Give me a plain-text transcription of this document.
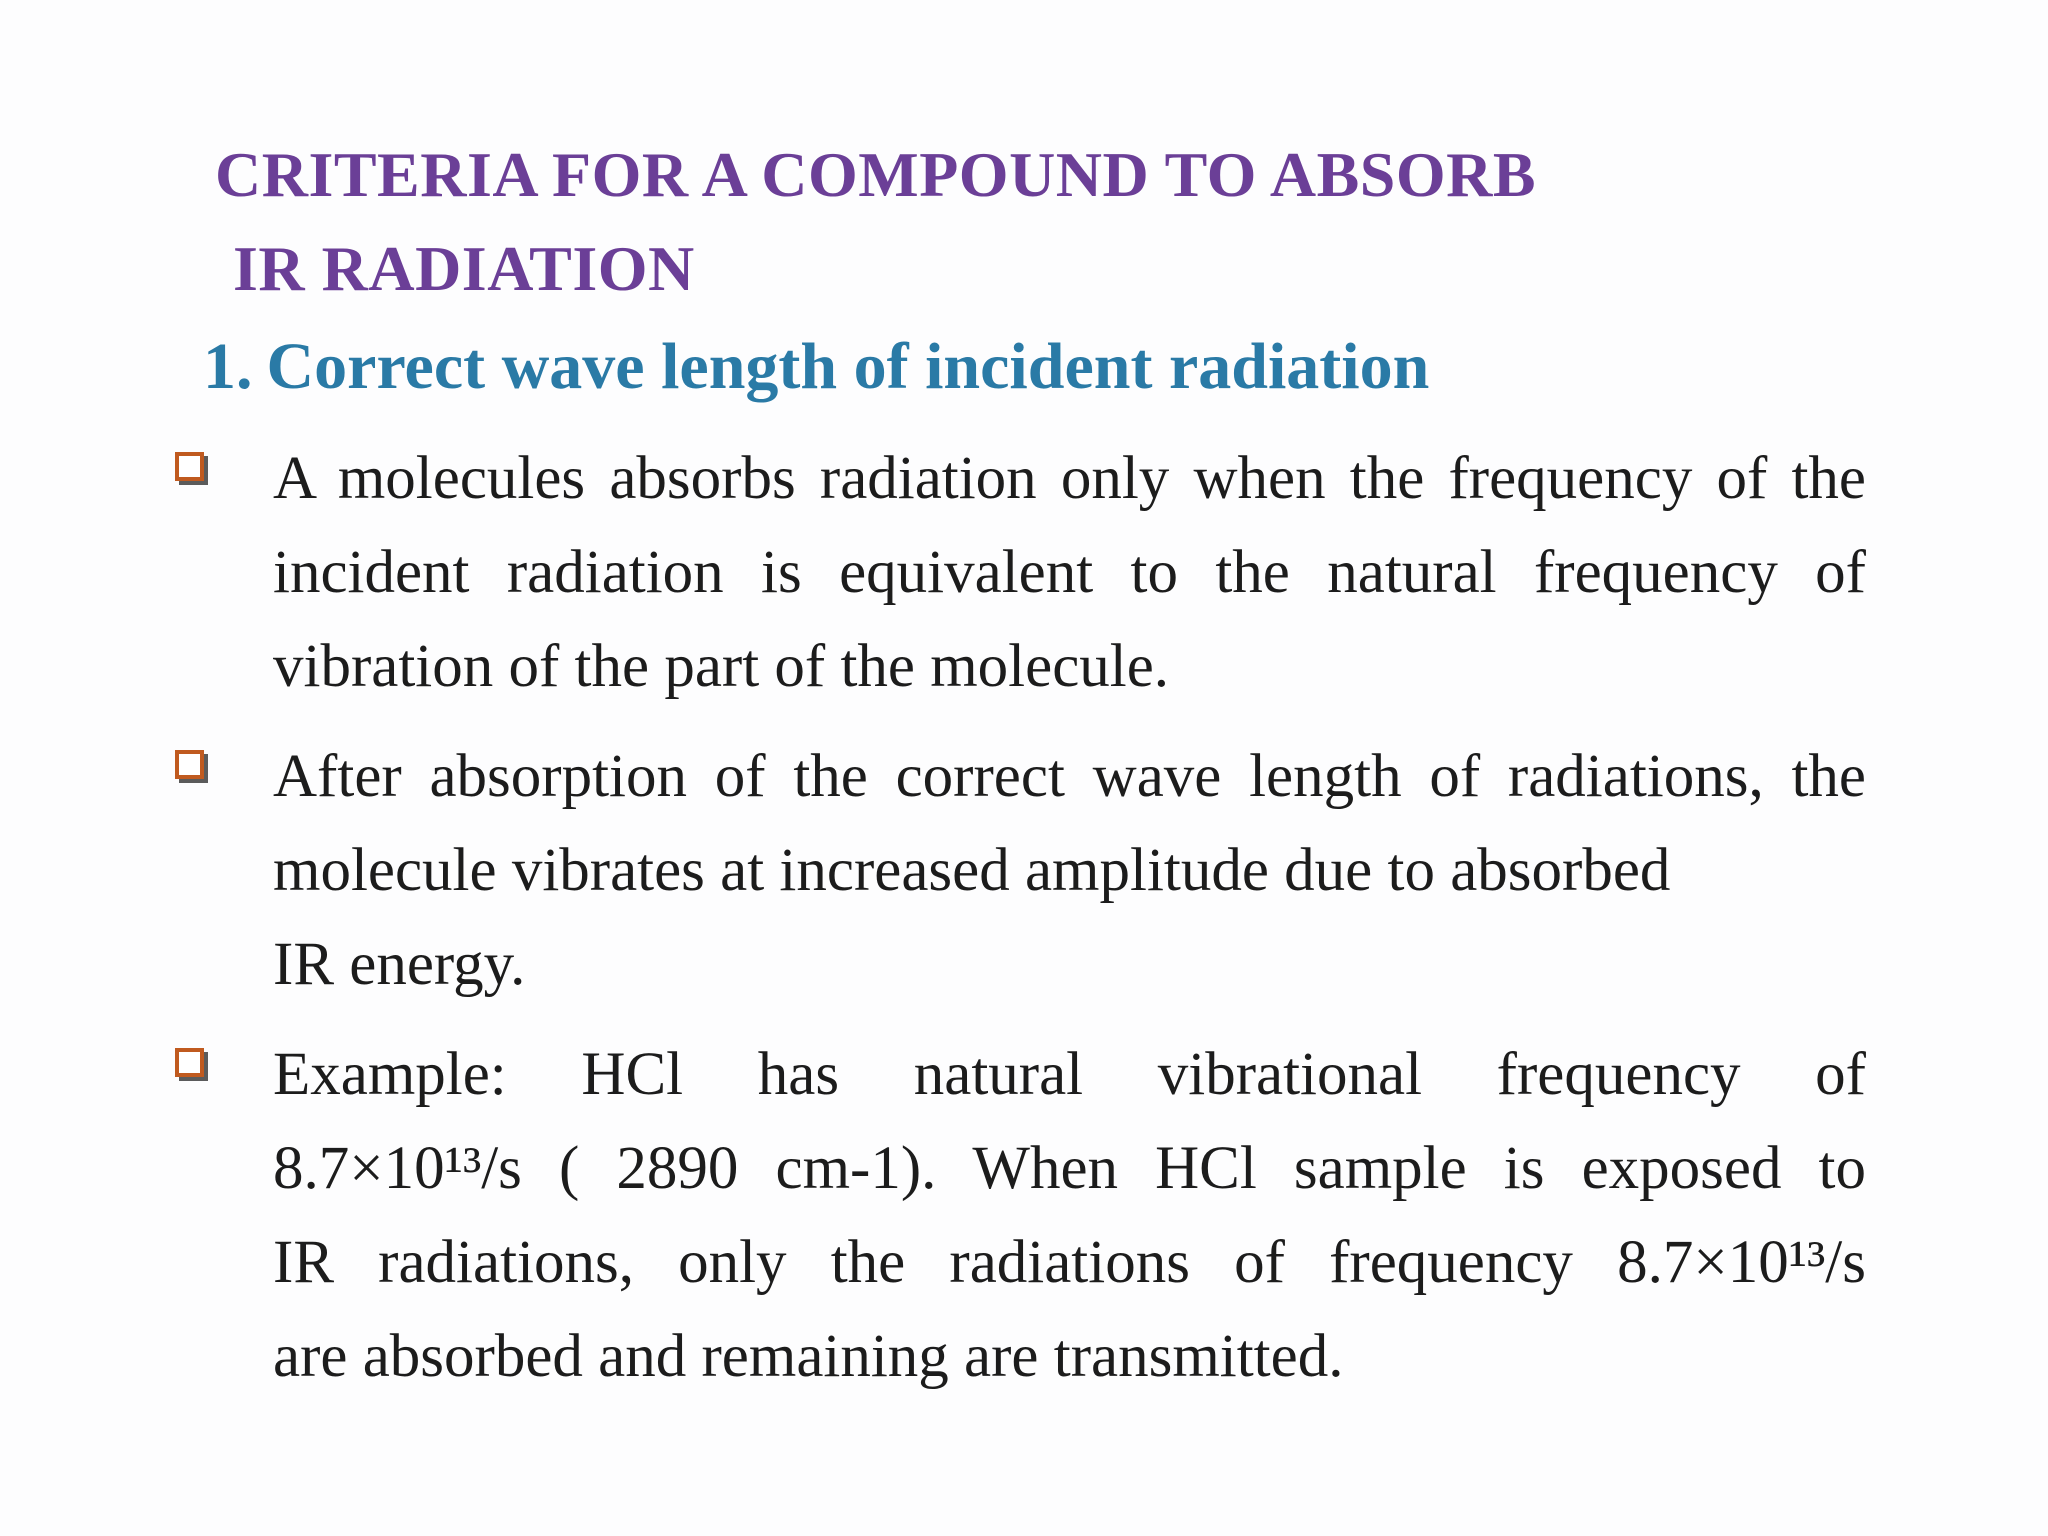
CRITERIA FOR A COMPOUND TO ABSORB
IR RADIATION
1. Correct wave length of incident radiation

A molecules absorbs radiation only when the frequency of the
incident radiation is equivalent to the natural frequency of
vibration of the part of the molecule.

After absorption of the correct wave length of radiations, the
molecule vibrates at increased amplitude due to absorbed
IR energy.

Example: HCl has natural vibrational frequency of
8.7×10¹³/s ( 2890 cm-1). When HCl sample is exposed to
IR radiations, only the radiations of frequency 8.7×10¹³/s
are absorbed and remaining are transmitted.
